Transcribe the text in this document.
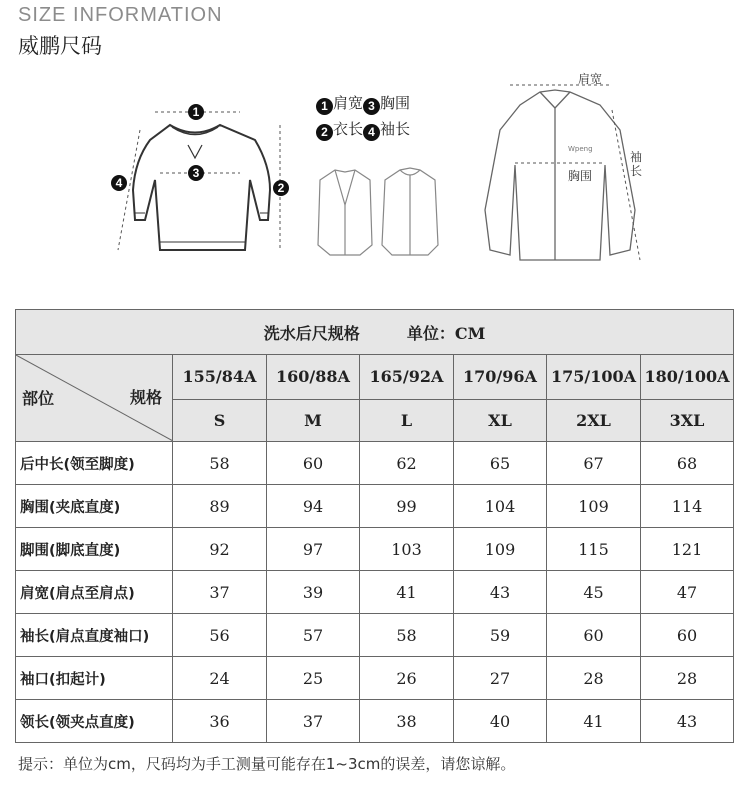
SIZE INFORMATION
威鹏尺码
1
2
3
4
1 肩宽 3 胸围
2 衣长 4 袖长
肩宽
胸围
袖长
Wpeng
洗水后尺规格 单位：CM						

部位 规格	155/84A	160/88A	165/92A	170/96A	175/100A	180/100A
	S	M	L	XL	2XL	3XL
后中长(领至脚度)	58	60	62	65	67	68
胸围(夹底直度)	89	94	99	104	109	114
脚围(脚底直度)	92	97	103	109	115	121
肩宽(肩点至肩点)	37	39	41	43	45	47
袖长(肩点直度袖口)	56	57	58	59	60	60
袖口(扣起计)	24	25	26	27	28	28
领长(领夹点直度)	36	37	38	40	41	43
提示：单位为cm，尺码均为手工测量可能存在1~3cm的误差，请您谅解。
